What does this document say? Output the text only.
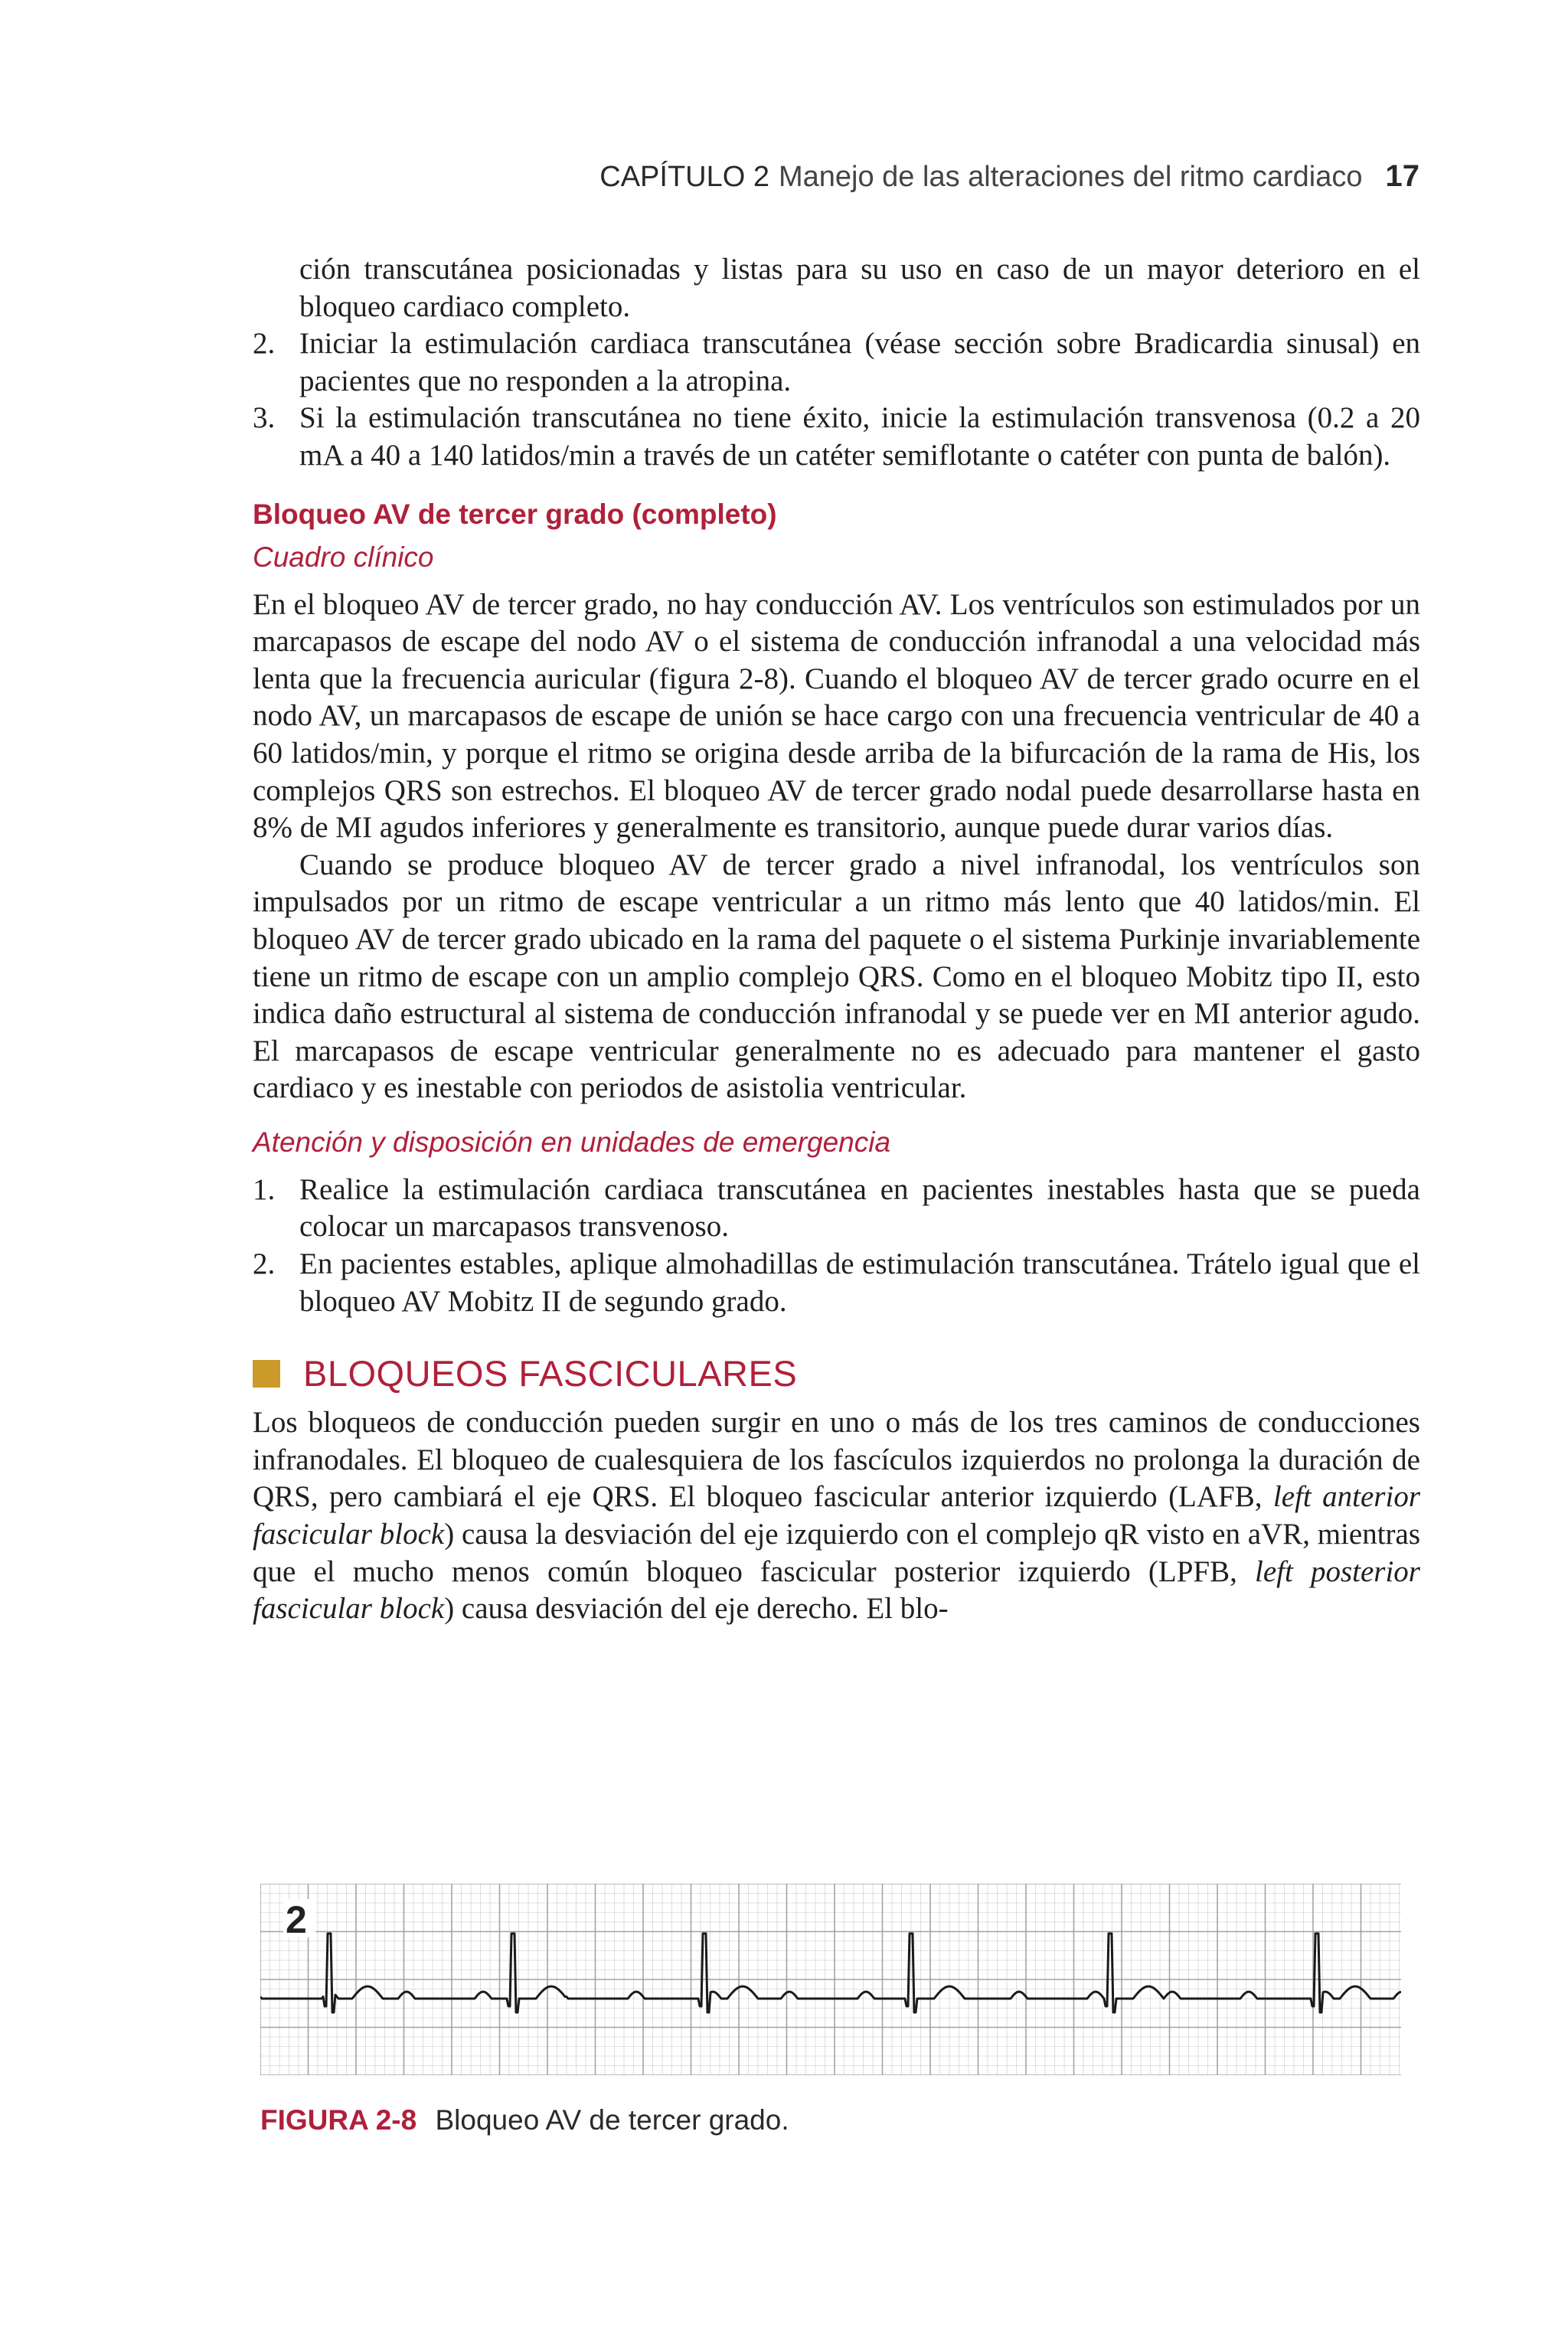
CAPÍTULO 2 Manejo de las alteraciones del ritmo cardiaco 17

ción transcutánea posicionadas y listas para su uso en caso de un mayor deterioro en el bloqueo cardiaco completo.

2. Iniciar la estimulación cardiaca transcutánea (véase sección sobre Bradicardia sinusal) en pacientes que no responden a la atropina.
3. Si la estimulación transcutánea no tiene éxito, inicie la estimulación transvenosa (0.2 a 20 mA a 40 a 140 latidos/min a través de un catéter semiflotante o catéter con punta de balón).
Bloqueo AV de tercer grado (completo)
Cuadro clínico

En el bloqueo AV de tercer grado, no hay conducción AV. Los ventrículos son estimulados por un marcapasos de escape del nodo AV o el sistema de conducción infranodal a una velocidad más lenta que la frecuencia auricular (figura 2-8). Cuando el bloqueo AV de tercer grado ocurre en el nodo AV, un marcapasos de escape de unión se hace cargo con una frecuencia ventricular de 40 a 60 latidos/min, y porque el ritmo se origina desde arriba de la bifurcación de la rama de His, los complejos QRS son estrechos. El bloqueo AV de tercer grado nodal puede desarrollarse hasta en 8% de MI agudos inferiores y generalmente es transitorio, aunque puede durar varios días.

Cuando se produce bloqueo AV de tercer grado a nivel infranodal, los ventrículos son impulsados por un ritmo de escape ventricular a un ritmo más lento que 40 latidos/min. El bloqueo AV de tercer grado ubicado en la rama del paquete o el sistema Purkinje invariablemente tiene un ritmo de escape con un amplio complejo QRS. Como en el bloqueo Mobitz tipo II, esto indica daño estructural al sistema de conducción infranodal y se puede ver en MI anterior agudo. El marcapasos de escape ventricular generalmente no es adecuado para mantener el gasto cardiaco y es inestable con periodos de asistolia ventricular.

Atención y disposición en unidades de emergencia
1. Realice la estimulación cardiaca transcutánea en pacientes inestables hasta que se pueda colocar un marcapasos transvenoso.
2. En pacientes estables, aplique almohadillas de estimulación transcutánea. Trátelo igual que el bloqueo AV Mobitz II de segundo grado.
BLOQUEOS FASCICULARES

Los bloqueos de conducción pueden surgir en uno o más de los tres caminos de conducciones infranodales. El bloqueo de cualesquiera de los fascículos izquierdos no prolonga la duración de QRS, pero cambiará el eje QRS. El bloqueo fascicular anterior izquierdo (LAFB, left anterior fascicular block) causa la desviación del eje izquierdo con el complejo qR visto en aVR, mientras que el mucho menos común bloqueo fascicular posterior izquierdo (LPFB, left posterior fascicular block) causa desviación del eje derecho. El blo-

2
FIGURA 2-8 Bloqueo AV de tercer grado.
